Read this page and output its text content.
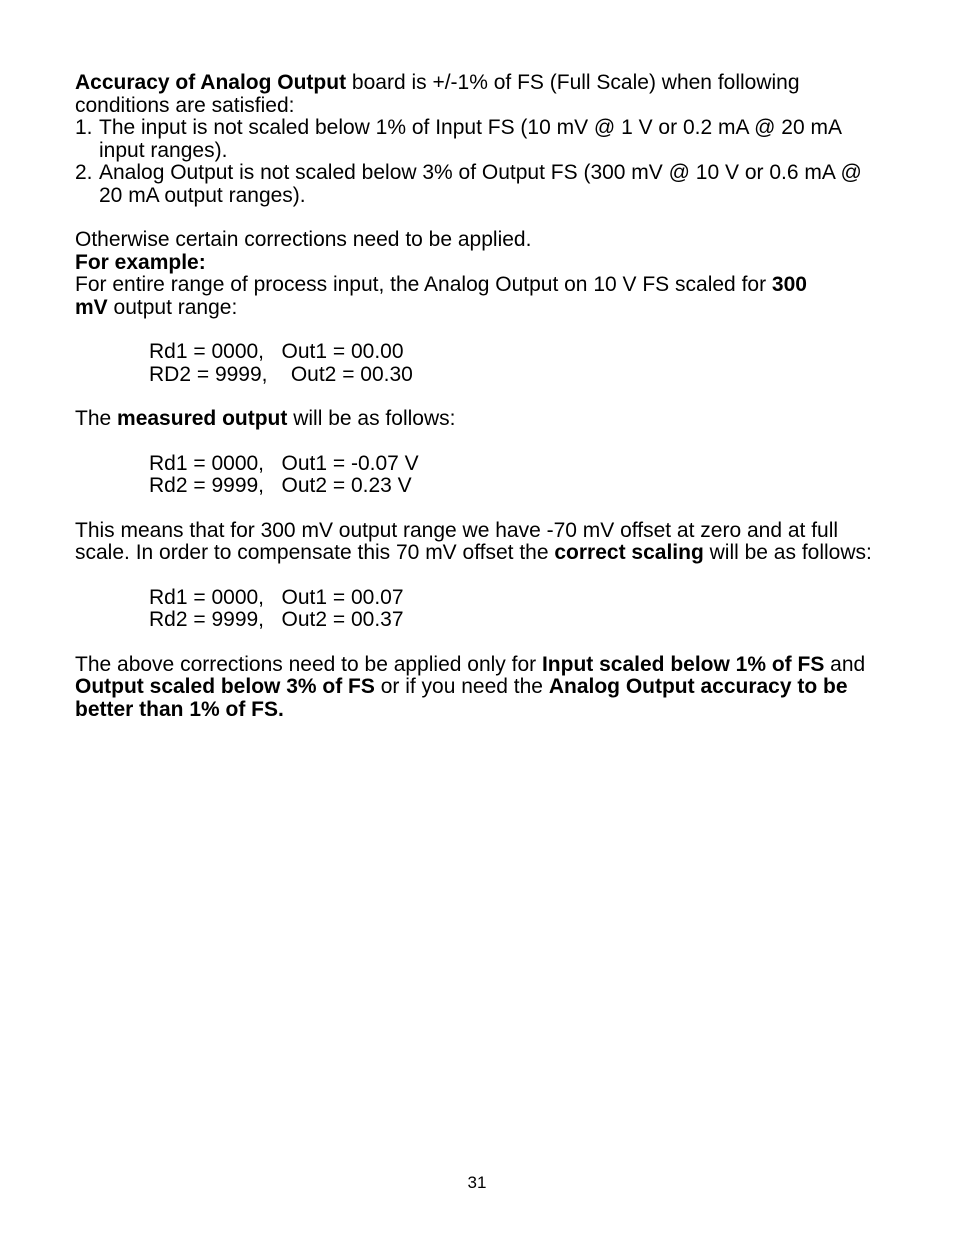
Accuracy of Analog Output board is +/-1% of FS (Full Scale) when following conditions are satisfied:

1. The input is not scaled below 1% of Input FS (10 mV @ 1 V or 0.2 mA @ 20 mA input ranges).
2. Analog Output is not scaled below 3% of Output FS (300 mV @ 10 V or 0.6 mA @ 20 mA output ranges).

Otherwise certain corrections need to be applied.

For example:

For entire range of process input, the Analog Output on 10 V FS scaled for 300 mV output range:

Rd1 = 0000,   Out1 = 00.00
RD2 = 9999,    Out2 = 00.30

The measured output will be as follows:

Rd1 = 0000,   Out1 = -0.07 V
Rd2 = 9999,   Out2 = 0.23 V

This means that for 300 mV output range we have -70 mV offset at zero and at full scale. In order to compensate this 70 mV offset the correct scaling will be as follows:

Rd1 = 0000,   Out1 = 00.07
Rd2 = 9999,   Out2 = 00.37

The above corrections need to be applied only for Input scaled below 1% of FS and Output scaled below 3% of FS or if you need the Analog Output accuracy to be better than 1% of FS.

31
